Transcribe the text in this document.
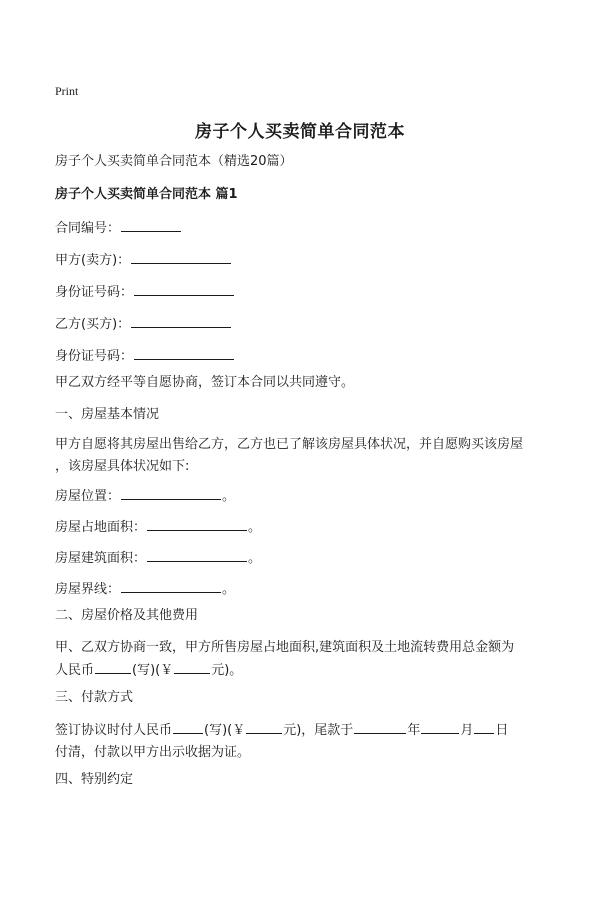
Print
房子个人买卖简单合同范本
房子个人买卖简单合同范本（精选20篇）
房子个人买卖简单合同范本 篇1
合同编号：
甲方(卖方)：
身份证号码：
乙方(买方)：
身份证号码：
甲乙双方经平等自愿协商，签订本合同以共同遵守。
一、房屋基本情况
甲方自愿将其房屋出售给乙方，乙方也已了解该房屋具体状况，并自愿购买该房屋
，该房屋具体状况如下:
房屋位置：	。
房屋占地面积：	。
房屋建筑面积：	。
房屋界线：	。
二、房屋价格及其他费用
甲、乙双方协商一致，甲方所售房屋占地面积,建筑面积及土地流转费用总金额为
人民币	(写)(￥	元)。
三、付款方式
签订协议时付人民币 (写)(￥	元)，尾款于	年	月 日
付清，付款以甲方出示收据为证。
四、特别约定
